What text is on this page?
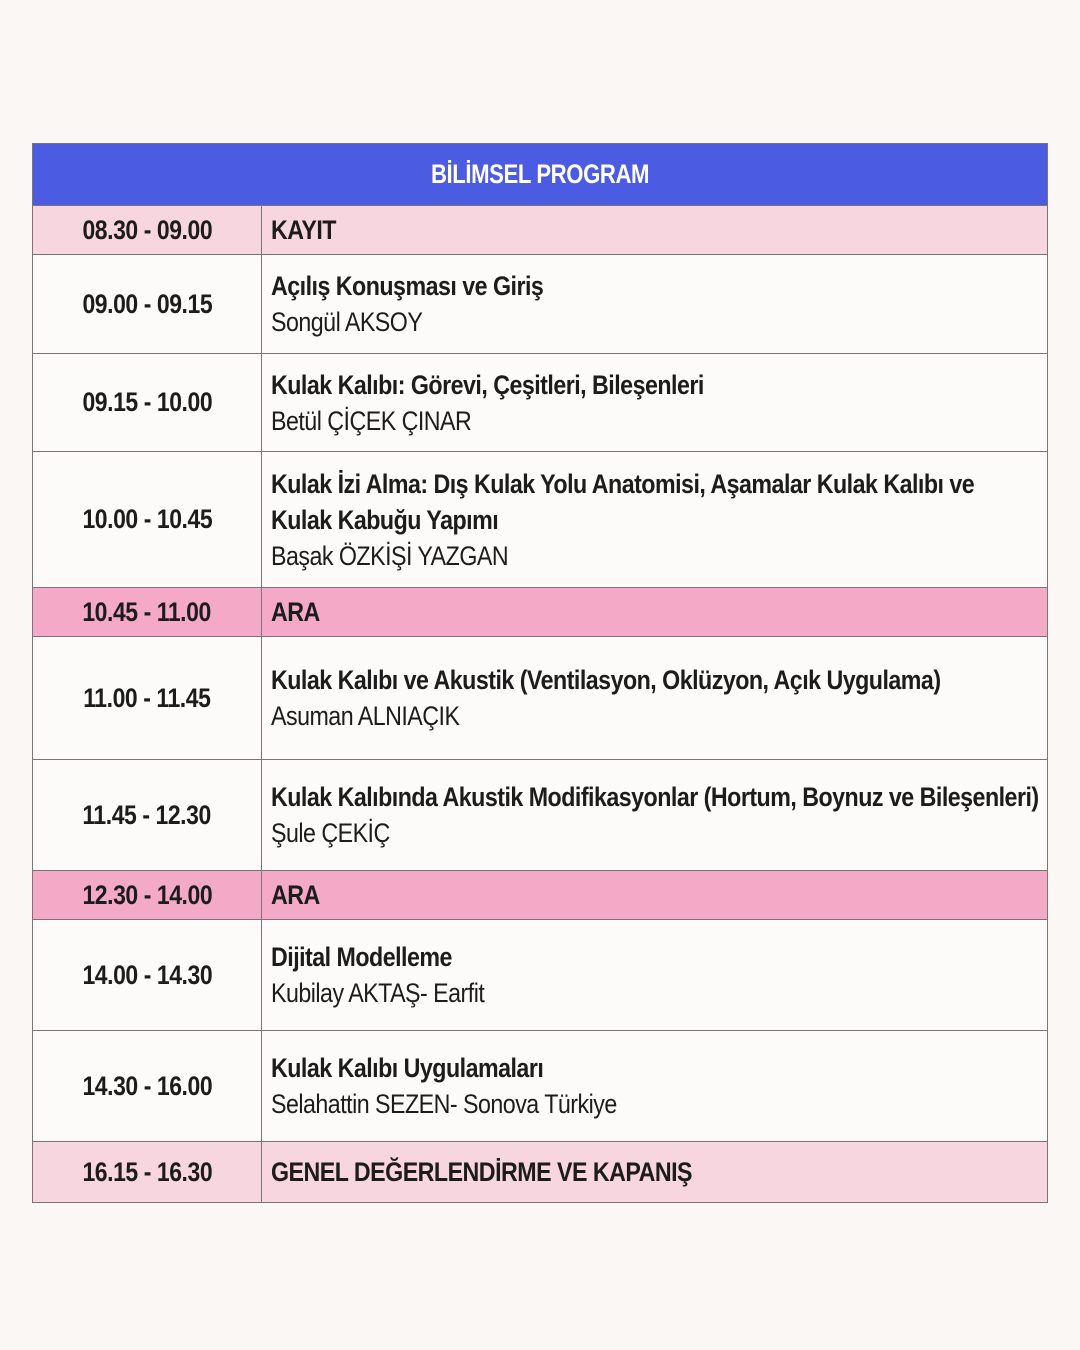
BİLİMSEL PROGRAM
08.30 - 09.00 KAYIT
09.00 - 09.15
Açılış Konuşması ve Giriş
Songül AKSOY
09.15 - 10.00
Kulak Kalıbı: Görevi, Çeşitleri, Bileşenleri
Betül ÇİÇEK ÇINAR
10.00 - 10.45
Kulak İzi Alma: Dış Kulak Yolu Anatomisi, Aşamalar Kulak Kalıbı ve Kulak Kabuğu Yapımı
Başak ÖZKİŞİ YAZGAN
10.45 - 11.00 ARA
11.00 - 11.45
Kulak Kalıbı ve Akustik (Ventilasyon, Oklüzyon, Açık Uygulama)
Asuman ALNIAÇIK
11.45 - 12.30
Kulak Kalıbında Akustik Modifikasyonlar (Hortum, Boynuz ve Bileşenleri)
Şule ÇEKİÇ
12.30 - 14.00 ARA
14.00 - 14.30
Dijital Modelleme
Kubilay AKTAŞ- Earfit
14.30 - 16.00
Kulak Kalıbı Uygulamaları
Selahattin SEZEN- Sonova Türkiye
16.15 - 16.30 GENEL DEĞERLENDİRME VE KAPANIŞ
